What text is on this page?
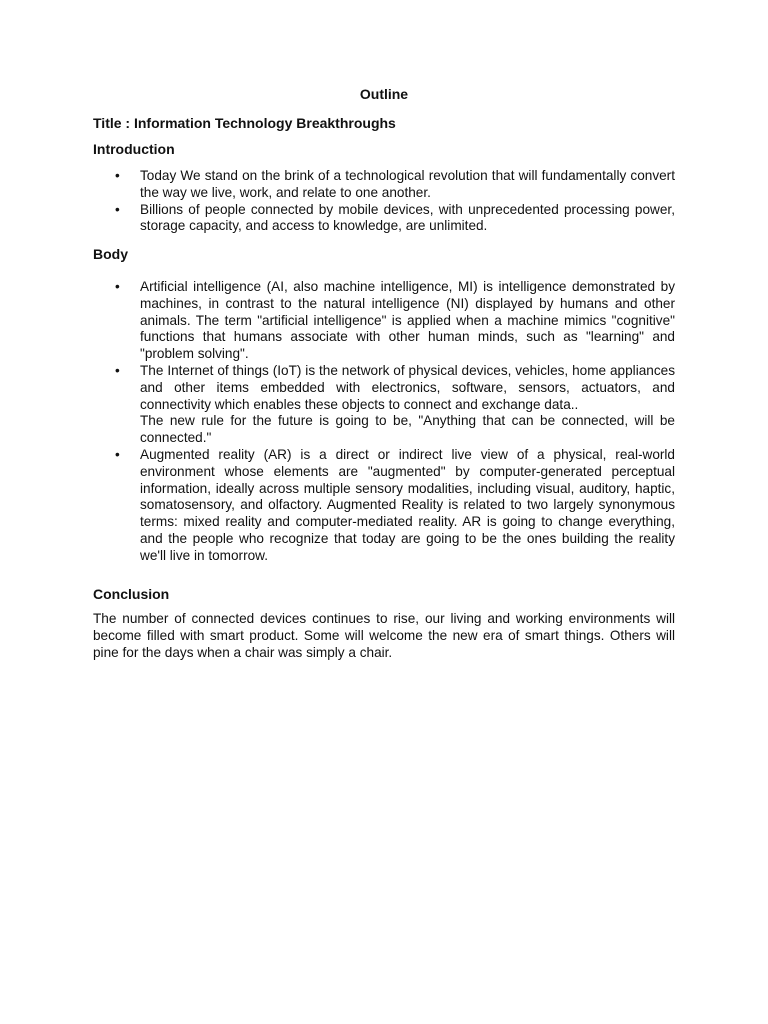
Outline
Title : Information Technology Breakthroughs
Introduction
• Today We stand on the brink of a technological revolution that will fundamentally convert the way we live, work, and relate to one another.
• Billions of people connected by mobile devices, with unprecedented processing power, storage capacity, and access to knowledge, are unlimited.
Body
• Artificial intelligence (AI, also machine intelligence, MI) is intelligence demonstrated by machines, in contrast to the natural intelligence (NI) displayed by humans and other animals. The term "artificial intelligence" is applied when a machine mimics "cognitive" functions that humans associate with other human minds, such as "learning" and "problem solving".
• The Internet of things (IoT) is the network of physical devices, vehicles, home appliances and other items embedded with electronics, software, sensors, actuators, and connectivity which enables these objects to connect and exchange data..
The new rule for the future is going to be, "Anything that can be connected, will be connected."
• Augmented reality (AR) is a direct or indirect live view of a physical, real-world environment whose elements are "augmented" by computer-generated perceptual information, ideally across multiple sensory modalities, including visual, auditory, haptic, somatosensory, and olfactory. Augmented Reality is related to two largely synonymous terms: mixed reality and computer-mediated reality. AR is going to change everything, and the people who recognize that today are going to be the ones building the reality we'll live in tomorrow.
Conclusion

The number of connected devices continues to rise, our living and working environments will become filled with smart product. Some will welcome the new era of smart things. Others will pine for the days when a chair was simply a chair.
